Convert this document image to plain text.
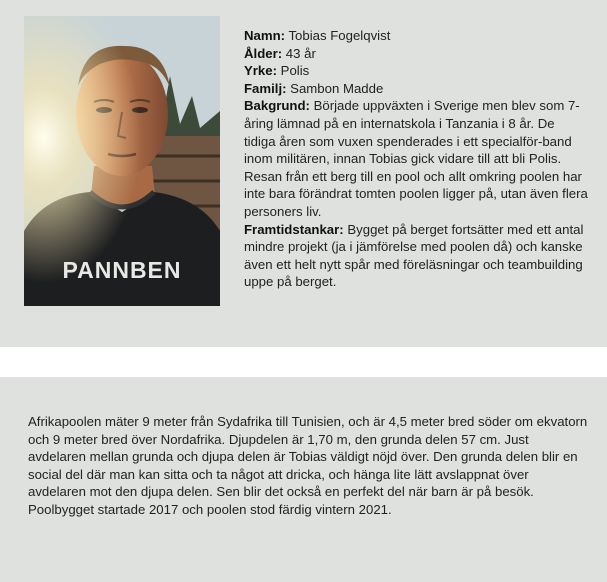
Namn: Tobias Fogelqvist

Ålder: 43 år

Yrke: Polis

Familj: Sambon Madde

Bakgrund: Började uppväxten i Sverige men blev som 7-åring lämnad på en internatskola i Tanzania i 8 år. De tidiga åren som vuxen spenderades i ett specialför-band inom militären, innan Tobias gick vidare till att bli Polis. Resan från ett berg till en pool och allt omkring poolen har inte bara förändrat tomten poolen ligger på, utan även flera personers liv.

Framtidstankar: Bygget på berget fortsätter med ett antal mindre projekt (ja i jämförelse med poolen då) och kanske även ett helt nytt spår med föreläsningar och teambuilding uppe på berget.

Afrikapoolen mäter 9 meter från Sydafrika till Tunisien, och är 4,5 meter bred söder om ekvatorn och 9 meter bred över Nordafrika. Djupdelen är 1,70 m, den grunda delen 57 cm. Just avdelaren mellan grunda och djupa delen är Tobias väldigt nöjd över. Den grunda delen blir en social del där man kan sitta och ta något att dricka, och hänga lite lätt avslappnat över avdelaren mot den djupa delen. Sen blir det också en perfekt del när barn är på besök. Poolbygget startade 2017 och poolen stod färdig vintern 2021.
